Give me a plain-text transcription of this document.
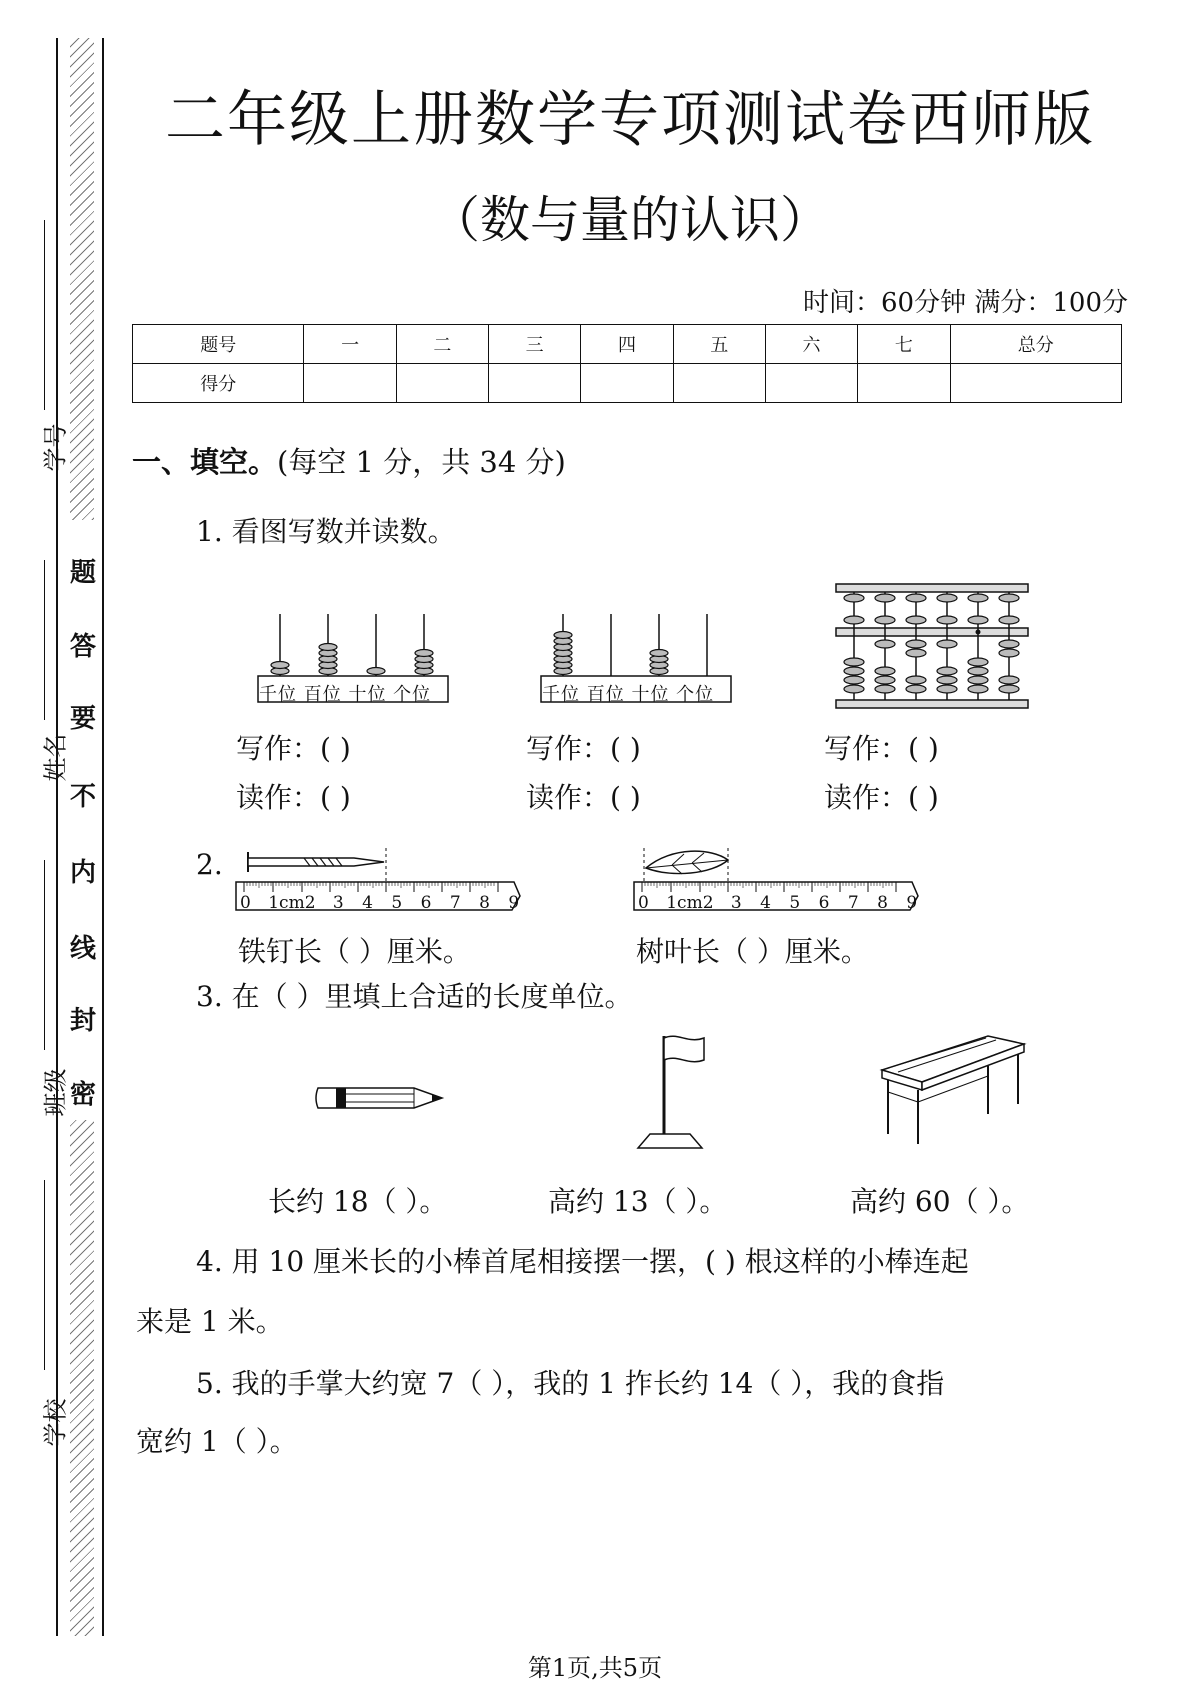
题
答
要
不
内
线
封
密
学号
姓名
班级
学校
二年级上册数学专项测试卷西师版
（数与量的认识）
时间：60分钟 满分：100分
题号	一	二	三	四	五	六	七	总分
得分								
一、填空。(每空 1 分，共 34 分)
1. 看图写数并读数。
千位 百位 十位 个位	千位 百位 十位 个位
写作：( )
读作：( )
写作：( )
读作：( )
写作：( )
读作：( )
2.
0 1cm2 3 4 5 6 7 8 9	0 1cm2 3 4 5 6 7 8 9
铁钉长（ ）厘米。	树叶长（ ）厘米。
3. 在（ ）里填上合适的长度单位。
长约 18（ ）。	高约 13（ ）。	高约 60（ ）。
4. 用 10 厘米长的小棒首尾相接摆一摆，( ) 根这样的小棒连起
来是 1 米。
5. 我的手掌大约宽 7（ ），我的 1 拃长约 14（ ），我的食指
宽约 1（ ）。
第1页,共5页
